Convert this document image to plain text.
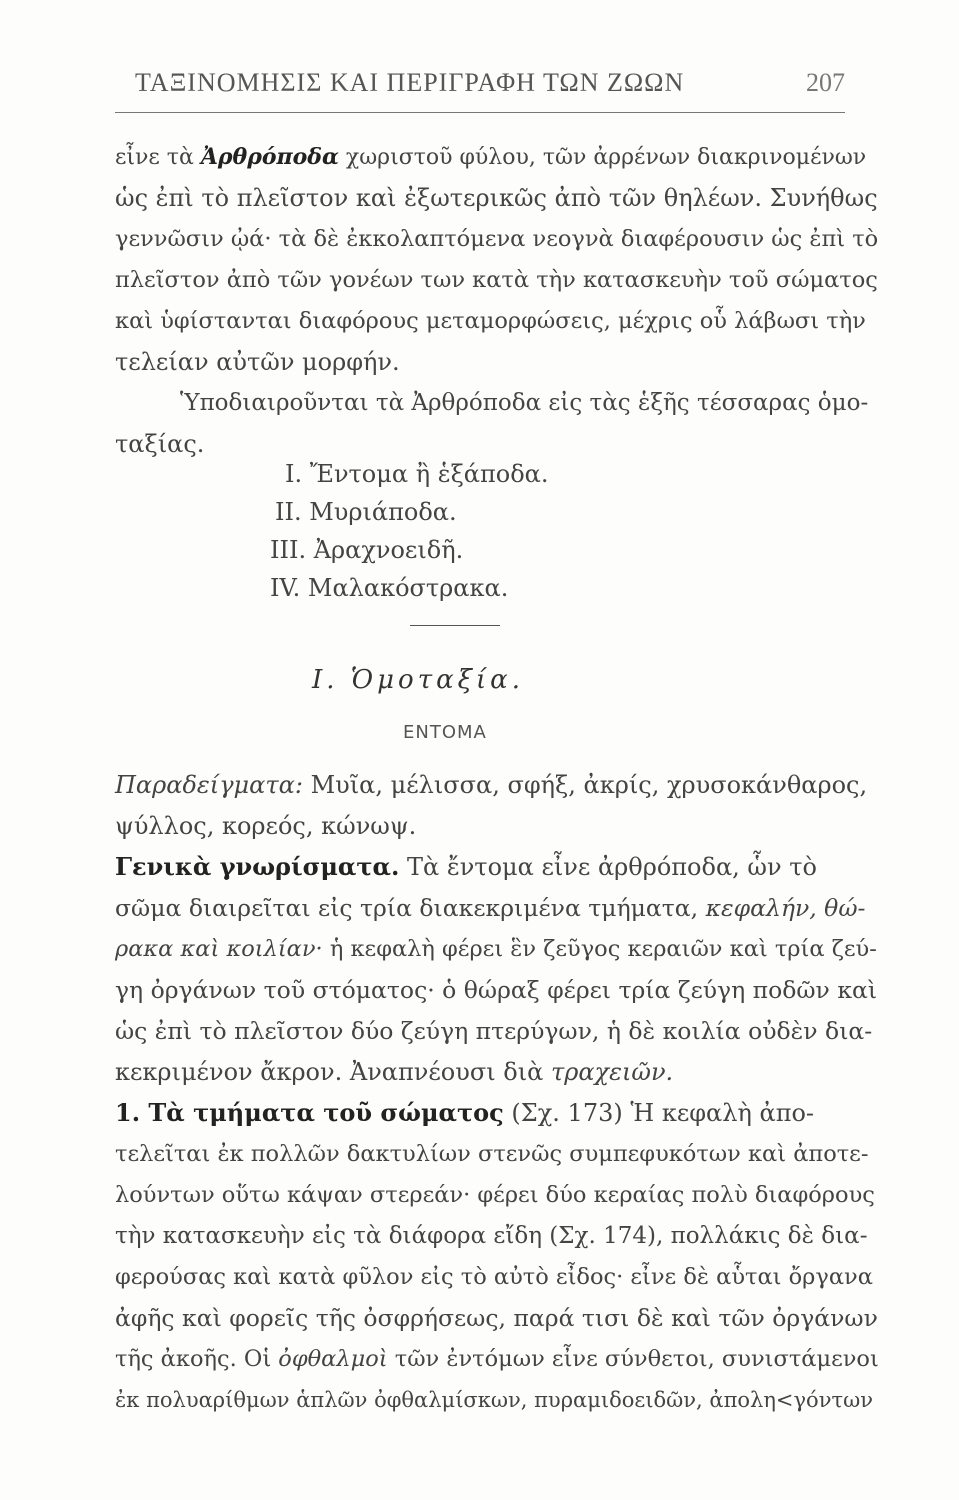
ΤΑΞΙΝΟΜΗΣΙΣ ΚΑΙ ΠΕΡΙΓΡΑΦΗ ΤΩΝ ΖΩΩΝ	207
εἶνε τὰ Ἀρθρόποδα χωριστοῦ φύλου, τῶν ἀρρένων διακρινομένων
ὡς ἐπὶ τὸ πλεῖστον καὶ ἐξωτερικῶς ἀπὸ τῶν θηλέων. Συνήθως
γεννῶσιν ᾠά· τὰ δὲ ἐκκολαπτόμενα νεογνὰ διαφέρουσιν ὡς ἐπὶ τὸ
πλεῖστον ἀπὸ τῶν γονέων των κατὰ τὴν κατασκευὴν τοῦ σώματος
καὶ ὑφίστανται διαφόρους μεταμορφώσεις, μέχρις οὗ λάβωσι τὴν
τελείαν αὐτῶν μορφήν.
Ὑποδιαιροῦνται τὰ Ἀρθρόποδα εἰς τὰς ἑξῆς τέσσαρας ὁμο-
ταξίας.
I. Ἔντομα ἢ ἑξάποδα.
II. Μυριάποδα.
III. Ἀραχνοειδῆ.
IV. Μαλακόστρακα.
I. Ὁμοταξία.
ΕΝΤΟΜΑ
Παραδείγματα: Μυῖα, μέλισσα, σφήξ, ἀκρίς, χρυσοκάνθαρος,
ψύλλος, κορεός, κώνωψ.
Γενικὰ γνωρίσματα. Τὰ ἔντομα εἶνε ἀρθρόποδα, ὧν τὸ
σῶμα διαιρεῖται εἰς τρία διακεκριμένα τμήματα, κεφαλήν, θώ-
ρακα καὶ κοιλίαν· ἡ κεφαλὴ φέρει ἓν ζεῦγος κεραιῶν καὶ τρία ζεύ-
γη ὀργάνων τοῦ στόματος· ὁ θώραξ φέρει τρία ζεύγη ποδῶν καὶ
ὡς ἐπὶ τὸ πλεῖστον δύο ζεύγη πτερύγων, ἡ δὲ κοιλία οὐδὲν δια-
κεκριμένον ἄκρον. Ἀναπνέουσι διὰ τραχειῶν.
1. Τὰ τμήματα τοῦ σώματος (Σχ. 173) Ἡ κεφαλὴ ἀπο-
τελεῖται ἐκ πολλῶν δακτυλίων στενῶς συμπεφυκότων καὶ ἀποτε-
λούντων οὕτω κάψαν στερεάν· φέρει δύο κεραίας πολὺ διαφόρους
τὴν κατασκευὴν εἰς τὰ διάφορα εἴδη (Σχ. 174), πολλάκις δὲ δια-
φερούσας καὶ κατὰ φῦλον εἰς τὸ αὐτὸ εἶδος· εἶνε δὲ αὗται ὄργανα
ἀφῆς καὶ φορεῖς τῆς ὀσφρήσεως, παρά τισι δὲ καὶ τῶν ὀργάνων
τῆς ἀκοῆς. Οἱ ὀφθαλμοὶ τῶν ἐντόμων εἶνε σύνθετοι, συνιστάμενοι
ἐκ πολυαρίθμων ἁπλῶν ὀφθαλμίσκων, πυραμιδοειδῶν, ἀπολη<γόντων
